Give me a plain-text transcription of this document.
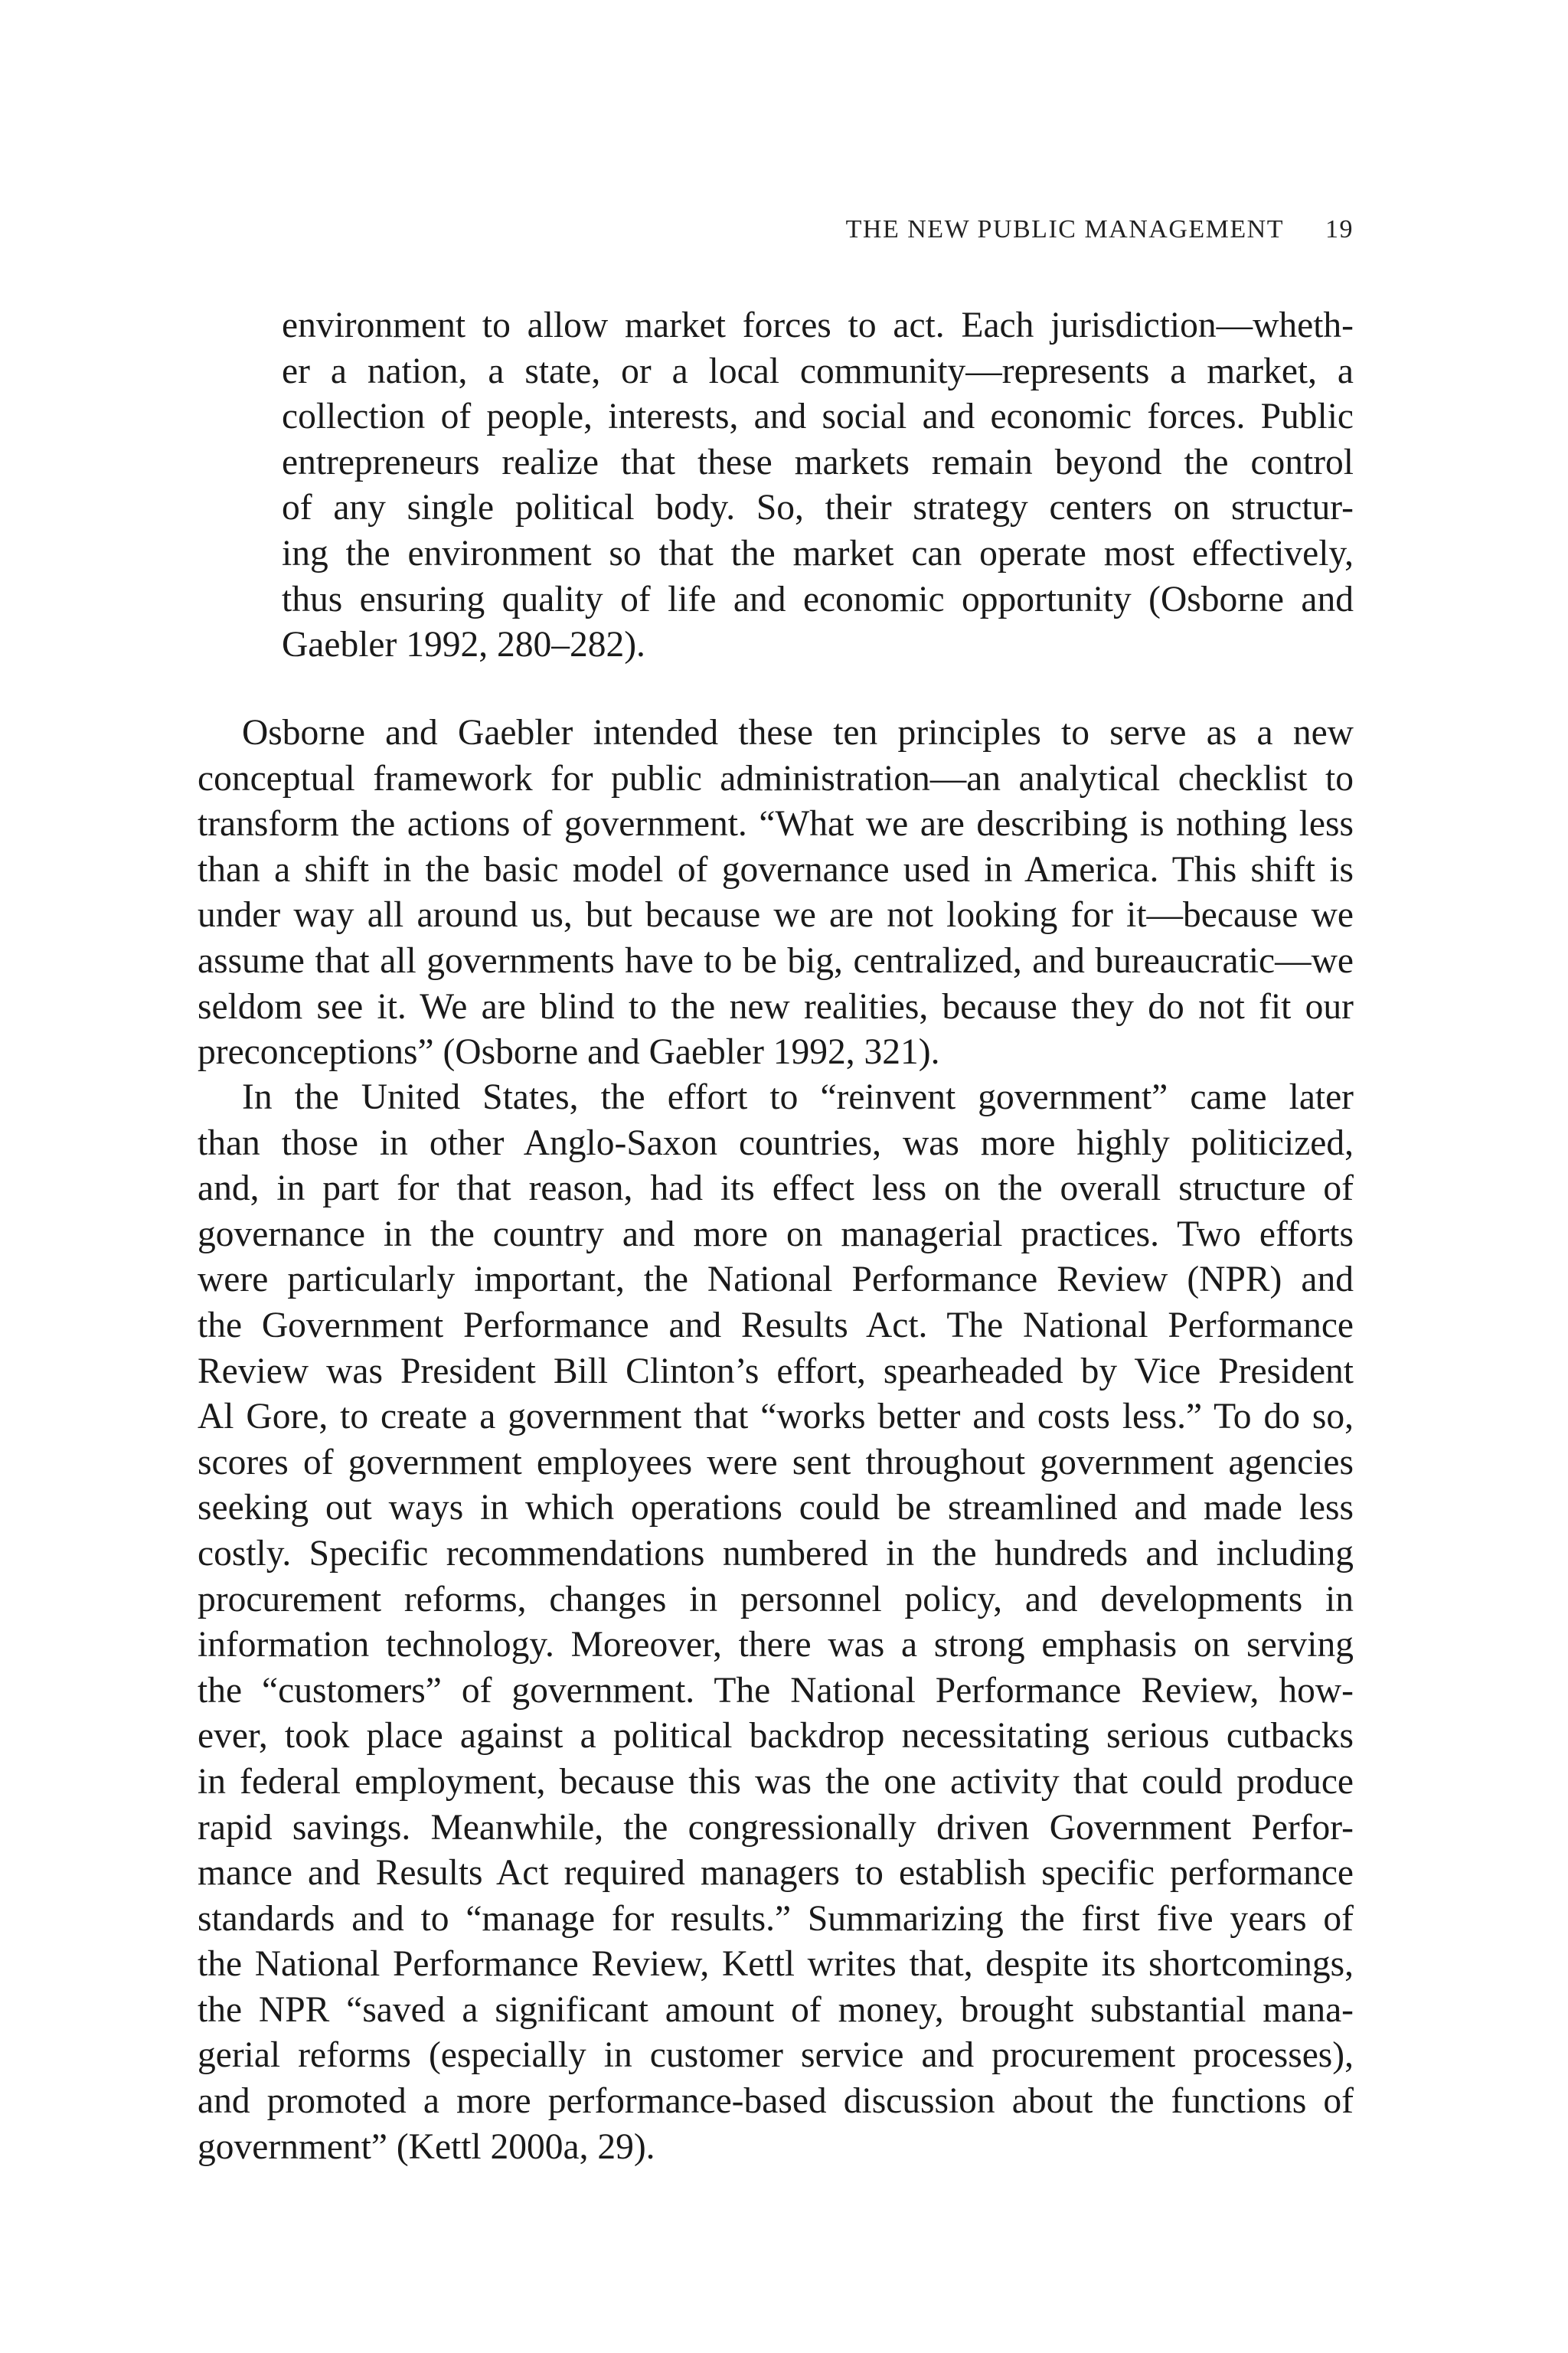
THE NEW PUBLIC MANAGEMENT 19
environment to allow market forces to act. Each jurisdiction—wheth-
er a nation, a state, or a local community—represents a market, a
collection of people, interests, and social and economic forces. Public
entrepreneurs realize that these markets remain beyond the control
of any single political body. So, their strategy centers on structur-
ing the environment so that the market can operate most effectively,
thus ensuring quality of life and economic opportunity (Osborne and
Gaebler 1992, 280–282).
Osborne and Gaebler intended these ten principles to serve as a new
conceptual framework for public administration—an analytical checklist to
transform the actions of government. “What we are describing is nothing less
than a shift in the basic model of governance used in America. This shift is
under way all around us, but because we are not looking for it—because we
assume that all governments have to be big, centralized, and bureaucratic—we
seldom see it. We are blind to the new realities, because they do not fit our
preconceptions” (Osborne and Gaebler 1992, 321).
In the United States, the effort to “reinvent government” came later
than those in other Anglo-Saxon countries, was more highly politicized,
and, in part for that reason, had its effect less on the overall structure of
governance in the country and more on managerial practices. Two efforts
were particularly important, the National Performance Review (NPR) and
the Government Performance and Results Act. The National Performance
Review was President Bill Clinton’s effort, spearheaded by Vice President
Al Gore, to create a government that “works better and costs less.” To do so,
scores of government employees were sent throughout government agencies
seeking out ways in which operations could be streamlined and made less
costly. Specific recommendations numbered in the hundreds and including
procurement reforms, changes in personnel policy, and developments in
information technology. Moreover, there was a strong emphasis on serving
the “customers” of government. The National Performance Review, how-
ever, took place against a political backdrop necessitating serious cutbacks
in federal employment, because this was the one activity that could produce
rapid savings. Meanwhile, the congressionally driven Government Perfor-
mance and Results Act required managers to establish specific performance
standards and to “manage for results.” Summarizing the first five years of
the National Performance Review, Kettl writes that, despite its shortcomings,
the NPR “saved a significant amount of money, brought substantial mana-
gerial reforms (especially in customer service and procurement processes),
and promoted a more performance-based discussion about the functions of
government” (Kettl 2000a, 29).
